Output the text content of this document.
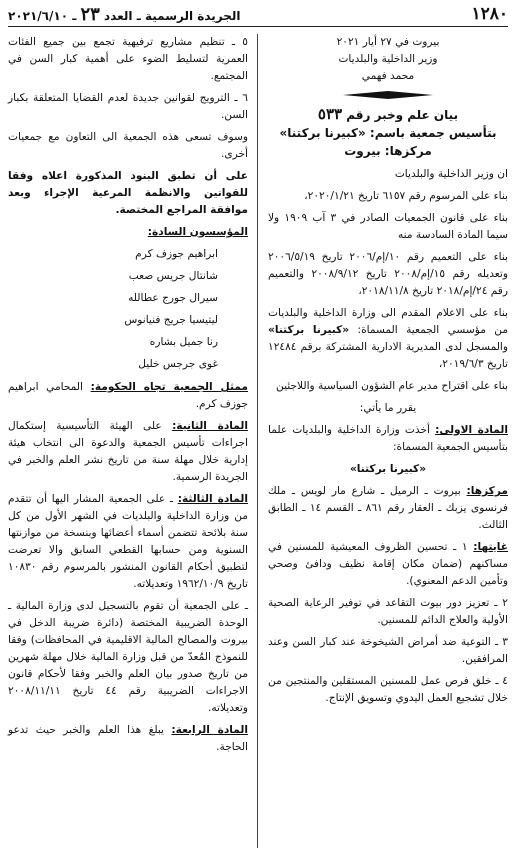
١٢٨٠
الجريدة الرسمية ـ العدد ٢٣ ـ ٢٠٢١/٦/١٠

بيروت في ٢٧ أيار ٢٠٢١

وزير الداخلية والبلديات

محمد فهمي

بيان علم وخبر رقم ٥٣٣

بتأسيس جمعية باسم: «كبيرنا بركتنا»

مركزها: بيروت

ان وزير الداخلية والبلديات

بناء على المرسوم رقم ٦١٥٧ تاريخ ٢٠٢٠/١/٢١،

بناء على قانون الجمعيات الصادر في ٣ آب ١٩٠٩ ولا سيما المادة السادسة منه

بناء على التعميم رقم ١٠/إم/٢٠٠٦ تاريخ ٢٠٠٦/٥/١٩ وتعديله رقم ١٥/إم/٢٠٠٨ تاريخ ٢٠٠٨/٩/١٢ والتعميم رقم ٢٤/إم/٢٠١٨ تاريخ ٢٠١٨/١١/٨،

بناء على الاعلام المقدم الى وزارة الداخلية والبلديات من مؤسسي الجمعية المسماة: «كبيرنا بركتنا» والمسجل لدى المديرية الادارية المشتركة برقم ١٢٤٨٤ تاريخ ٢٠١٩/٦/٣،

بناء على اقتراح مدير عام الشؤون السياسية واللاجئين

يقرر ما يأتي:

المادة الاولى: أخذت وزارة الداخلية والبلديات علما بتأسيس الجمعية المسماة:

«كبيرنا بركتنا»

مركزها: بيروت ـ الرميل ـ شارع مار لويس ـ ملك فرنسوى يزبك ـ العقار رقم ٨٦١ ـ القسم ١٤ ـ الطابق الثالث.

غايتها: ١ ـ تحسين الظروف المعيشية للمسنين في مساكنهم (ضمان مكان إقامة نظيف ودافئ وصحي وتأمين الدعم المعنوي).

٢ ـ تعزيز دور بيوت التقاعد في توفير الرعاية الصحية الأولية والعلاج الدائم للمسنين.

٣ ـ التوعية ضد أمراض الشيخوخة عند كبار السن وعند المرافقين.

٤ ـ خلق فرص عمل للمسنين المستقلين والمنتجين من خلال تشجيع العمل اليدوي وتسويق الإنتاج.

٥ ـ تنظيم مشاريع ترفيهية تجمع بين جميع الفئات العمرية لتسليط الضوء على أهمية كبار السن في المجتمع.

٦ ـ الترويج لقوانين جديدة لعدم القضايا المتعلقة بكبار السن.

وسوف تسعى هذه الجمعية الى التعاون مع جمعيات أخرى.

على أن تطبق البنود المذكورة اعلاه وفقا للقوانين والانظمة المرعية الإجراء وبعد موافقة المراجع المختصة.

المؤسسون السادة:

ابراهيم جوزف كرم
شانتال جريس صعب
سيرال جورج عطالله
ليتيسيا جريج فنيانوس
رنا جميل بشاره
غوى جرجس خليل

ممثل الجمعية تجاه الحكومة: المحامي ابراهيم جوزف كرم.

المادة الثانية: على الهيئة التأسيسية إستكمال اجراءات تأسيس الجمعية والدعوة الى انتخاب هيئة إدارية خلال مهلة سنة من تاريخ نشر العلم والخبر في الجريدة الرسمية.

المادة الثالثة: ـ على الجمعية المشار اليها أن تتقدم من وزارة الداخلية والبلديات في الشهر الأول من كل سنة بلائحة تتضمن أسماء أعضائها وبنسخة من موازنتها السنوية ومن حسابها القطعي السابق والا تعرضت لتطبيق أحكام القانون المنشور بالمرسوم رقم ١٠٨٣٠ تاريخ ١٩٦٢/١٠/٩ وتعديلاته.

ـ على الجمعية أن تقوم بالتسجيل لدى وزارة المالية ـ الوحدة الضريبية المختصة (دائرة ضريبة الدخل في بيروت والمصالح المالية الاقليمية في المحافظات) وفقا للنموذج المُعدّ من قبل وزارة المالية خلال مهلة شهرين من تاريخ صدور بيان العلم والخبر وفقا لأحكام قانون الاجراءات الضريبية رقم ٤٤ تاريخ ٢٠٠٨/١١/١١ وتعديلاته.

المادة الرابعة: يبلغ هذا العلم والخبر حيث تدعو الحاجة.
